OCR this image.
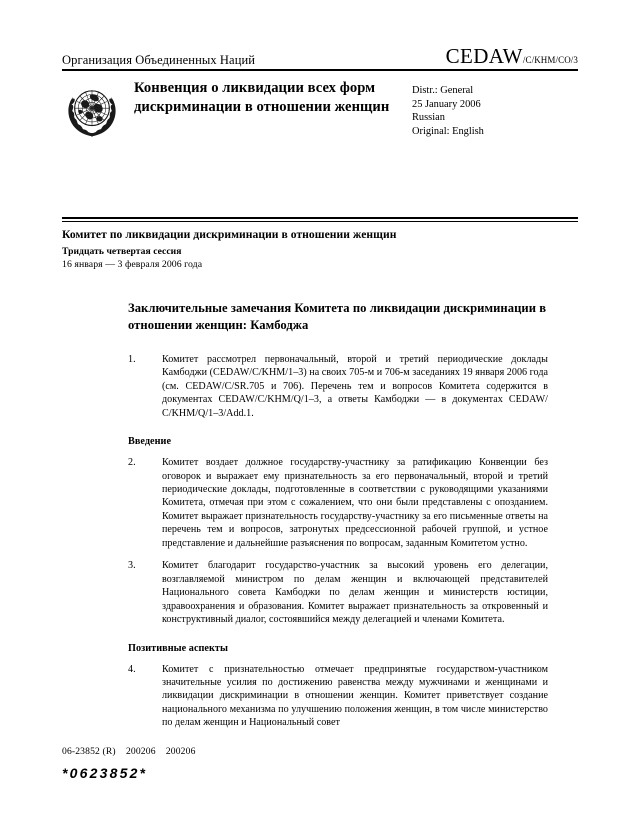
Организация Объединенных Наций	CEDAW /C/KHM/CO/3
Конвенция о ликвидации всех форм дискриминации в отношении женщин
Distr.: General
25 January 2006
Russian
Original: English
Комитет по ликвидации дискриминации в отношении женщин
Тридцать четвертая сессия
16 января — 3 февраля 2006 года
Заключительные замечания Комитета по ликвидации дискриминации в отношении женщин: Камбоджа
1.	Комитет рассмотрел первоначальный, второй и третий периодические доклады Камбоджи (CEDAW/C/KHM/1–3) на своих 705-м и 706-м заседаниях 19 января 2006 года (см. CEDAW/C/SR.705 и 706). Перечень тем и вопросов Комитета содержится в документах CEDAW/C/KHM/Q/1–3, а ответы Камбоджи — в документах CEDAW/ C/KHM/Q/1–3/Add.1.
Введение
2.	Комитет воздает должное государству-участнику за ратификацию Конвенции без оговорок и выражает ему признательность за его первоначальный, второй и третий периодические доклады, подготовленные в соответствии с руководящими указаниями Комитета, отмечая при этом с сожалением, что они были представлены с опозданием. Комитет выражает признательность государству-участнику за его письменные ответы на перечень тем и вопросов, затронутых предсессионной рабочей группой, и устное представление и дальнейшие разъяснения по вопросам, заданным Комитетом устно.
3.	Комитет благодарит государство-участник за высокий уровень его делегации, возглавляемой министром по делам женщин и включающей представителей Национального совета Камбоджи по делам женщин и министерств юстиции, здравоохранения и образования. Комитет выражает признательность за откровенный и конструктивный диалог, состоявшийся между делегацией и членами Комитета.
Позитивные аспекты
4.	Комитет с признательностью отмечает предпринятые государством-участником значительные усилия по достижению равенства между мужчинами и женщинами и ликвидации дискриминации в отношении женщин. Комитет приветствует создание национального механизма по улучшению положения женщин, в том числе министерство по делам женщин и Национальный совет
06-23852 (R)    200206    200206
*0623852*
